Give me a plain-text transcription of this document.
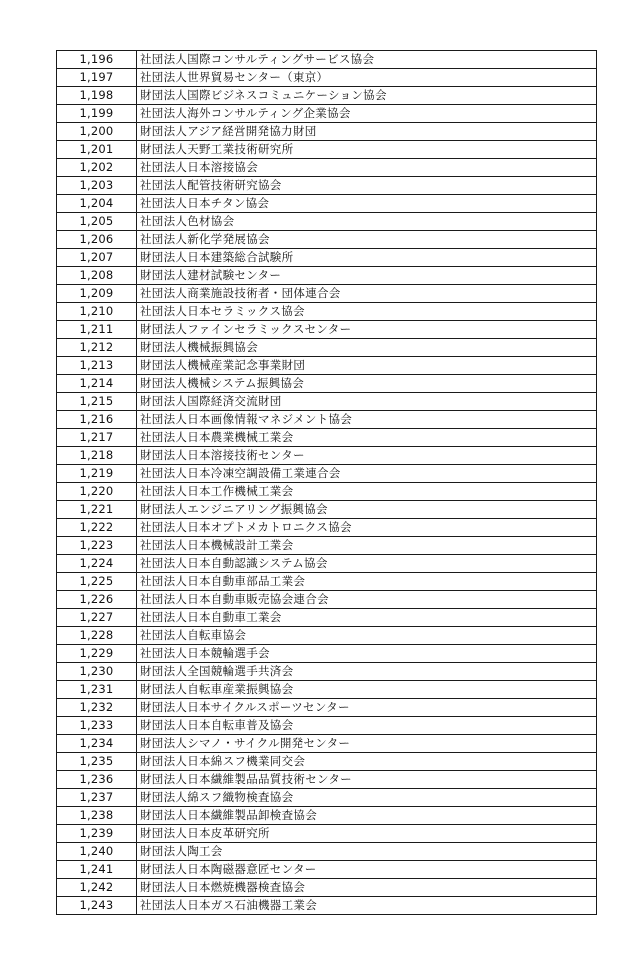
1,196	社団法人国際コンサルティングサービス協会
1,197	社団法人世界貿易センター（東京）
1,198	財団法人国際ビジネスコミュニケーション協会
1,199	社団法人海外コンサルティング企業協会
1,200	財団法人アジア経営開発協力財団
1,201	財団法人天野工業技術研究所
1,202	社団法人日本溶接協会
1,203	社団法人配管技術研究協会
1,204	社団法人日本チタン協会
1,205	社団法人色材協会
1,206	社団法人新化学発展協会
1,207	財団法人日本建築総合試験所
1,208	財団法人建材試験センター
1,209	社団法人商業施設技術者・団体連合会
1,210	社団法人日本セラミックス協会
1,211	財団法人ファインセラミックスセンター
1,212	財団法人機械振興協会
1,213	財団法人機械産業記念事業財団
1,214	財団法人機械システム振興協会
1,215	財団法人国際経済交流財団
1,216	社団法人日本画像情報マネジメント協会
1,217	社団法人日本農業機械工業会
1,218	財団法人日本溶接技術センター
1,219	社団法人日本冷凍空調設備工業連合会
1,220	社団法人日本工作機械工業会
1,221	財団法人エンジニアリング振興協会
1,222	社団法人日本オプトメカトロニクス協会
1,223	社団法人日本機械設計工業会
1,224	社団法人日本自動認識システム協会
1,225	社団法人日本自動車部品工業会
1,226	社団法人日本自動車販売協会連合会
1,227	社団法人日本自動車工業会
1,228	社団法人自転車協会
1,229	社団法人日本競輪選手会
1,230	財団法人全国競輪選手共済会
1,231	財団法人自転車産業振興協会
1,232	財団法人日本サイクルスポーツセンター
1,233	財団法人日本自転車普及協会
1,234	財団法人シマノ・サイクル開発センター
1,235	財団法人日本綿スフ機業同交会
1,236	財団法人日本繊維製品品質技術センター
1,237	財団法人綿スフ織物検査協会
1,238	財団法人日本繊維製品卸検査協会
1,239	財団法人日本皮革研究所
1,240	財団法人陶工会
1,241	財団法人日本陶磁器意匠センター
1,242	財団法人日本燃焼機器検査協会
1,243	社団法人日本ガス石油機器工業会
